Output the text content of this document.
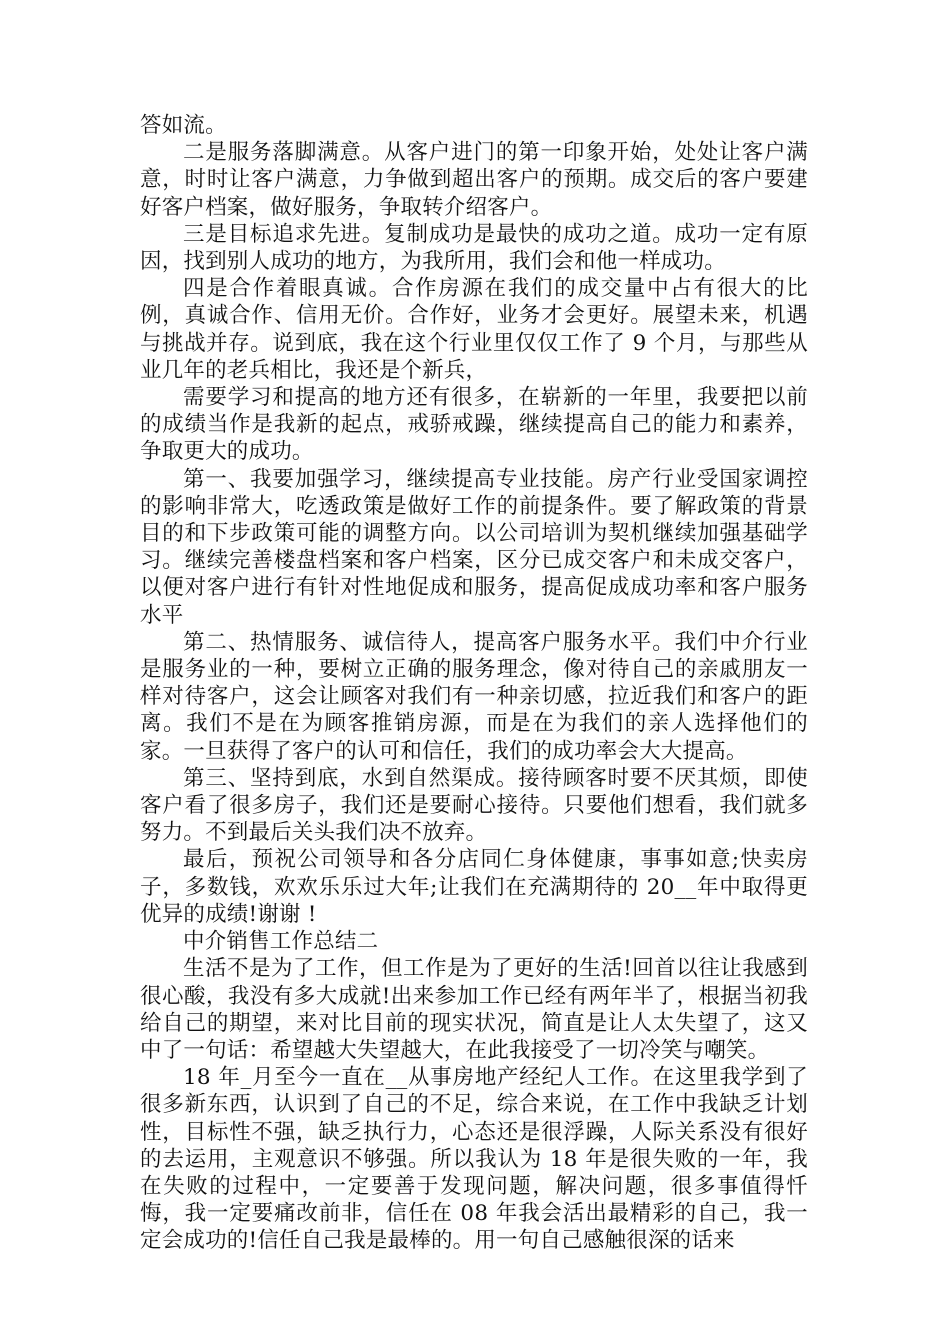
答如流。

二是服务落脚满意。从客户进门的第一印象开始，处处让客户满意，时时让客户满意，力争做到超出客户的预期。成交后的客户要建好客户档案，做好服务，争取转介绍客户。

三是目标追求先进。复制成功是最快的成功之道。成功一定有原因，找到别人成功的地方，为我所用，我们会和他一样成功。

四是合作着眼真诚。合作房源在我们的成交量中占有很大的比例，真诚合作、信用无价。合作好，业务才会更好。展望未来，机遇与挑战并存。说到底，我在这个行业里仅仅工作了 9 个月，与那些从业几年的老兵相比，我还是个新兵，

需要学习和提高的地方还有很多，在崭新的一年里，我要把以前的成绩当作是我新的起点，戒骄戒躁，继续提高自己的能力和素养，争取更大的成功。

第一、我要加强学习，继续提高专业技能。房产行业受国家调控的影响非常大，吃透政策是做好工作的前提条件。要了解政策的背景目的和下步政策可能的调整方向。以公司培训为契机继续加强基础学习。继续完善楼盘档案和客户档案，区分已成交客户和未成交客户，以便对客户进行有针对性地促成和服务，提高促成成功率和客户服务水平

第二、热情服务、诚信待人，提高客户服务水平。我们中介行业是服务业的一种，要树立正确的服务理念，像对待自己的亲戚朋友一样对待客户，这会让顾客对我们有一种亲切感，拉近我们和客户的距离。我们不是在为顾客推销房源，而是在为我们的亲人选择他们的家。一旦获得了客户的认可和信任，我们的成功率会大大提高。

第三、坚持到底，水到自然渠成。接待顾客时要不厌其烦，即使客户看了很多房子，我们还是要耐心接待。只要他们想看，我们就多努力。不到最后关头我们决不放弃。

最后，预祝公司领导和各分店同仁身体健康，事事如意;快卖房子，多数钱，欢欢乐乐过大年;让我们在充满期待的 20__年中取得更优异的成绩!谢谢 !

中介销售工作总结二

生活不是为了工作，但工作是为了更好的生活!回首以往让我感到很心酸，我没有多大成就!出来参加工作已经有两年半了，根据当初我给自己的期望，来对比目前的现实状况，简直是让人太失望了，这又中了一句话：希望越大失望越大，在此我接受了一切冷笑与嘲笑。

18 年_月至今一直在__从事房地产经纪人工作。在这里我学到了很多新东西，认识到了自己的不足，综合来说，在工作中我缺乏计划性，目标性不强，缺乏执行力，心态还是很浮躁，人际关系没有很好的去运用，主观意识不够强。所以我认为 18 年是很失败的一年，我在失败的过程中，一定要善于发现问题，解决问题，很多事值得忏悔，我一定要痛改前非，信任在 08 年我会活出最精彩的自己，我一定会成功的!信任自己我是最棒的。用一句自己感触很深的话来
